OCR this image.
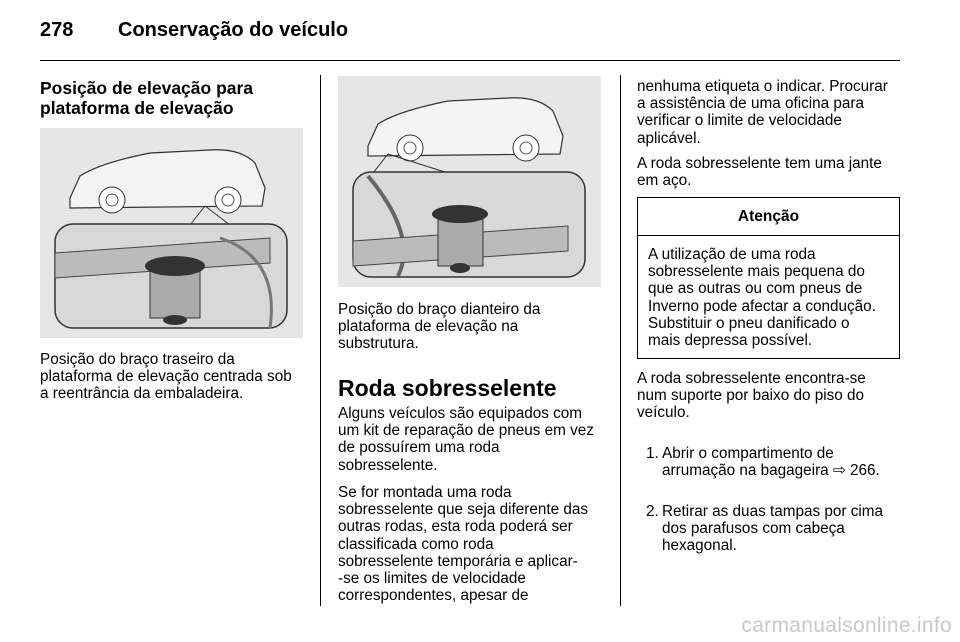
278 Conservação do veículo
Posição de elevação para
plataforma de elevação
Posição do braço traseiro da
plataforma de elevação centrada sob
a reentrância da embaladeira.
Posição do braço dianteiro da
plataforma de elevação na
substrutura.
Roda sobresselente
Alguns veículos são equipados com
um kit de reparação de pneus em vez
de possuírem uma roda
sobresselente.
Se for montada uma roda
sobresselente que seja diferente das
outras rodas, esta roda poderá ser
classificada como roda
sobresselente temporária e aplicar-
-se os limites de velocidade
correspondentes, apesar de
nenhuma etiqueta o indicar. Procurar
a assistência de uma oficina para
verificar o limite de velocidade
aplicável.
A roda sobresselente tem uma jante
em aço.
Atenção
A utilização de uma roda
sobresselente mais pequena do
que as outras ou com pneus de
Inverno pode afectar a condução.
Substituir o pneu danificado o
mais depressa possível.
A roda sobresselente encontra-se
num suporte por baixo do piso do
veículo.

1. Abrir o compartimento de
arrumação na bagageira ⇨ 266.

2. Retirar as duas tampas por cima
dos parafusos com cabeça
hexagonal.

carmanualsonline.info
